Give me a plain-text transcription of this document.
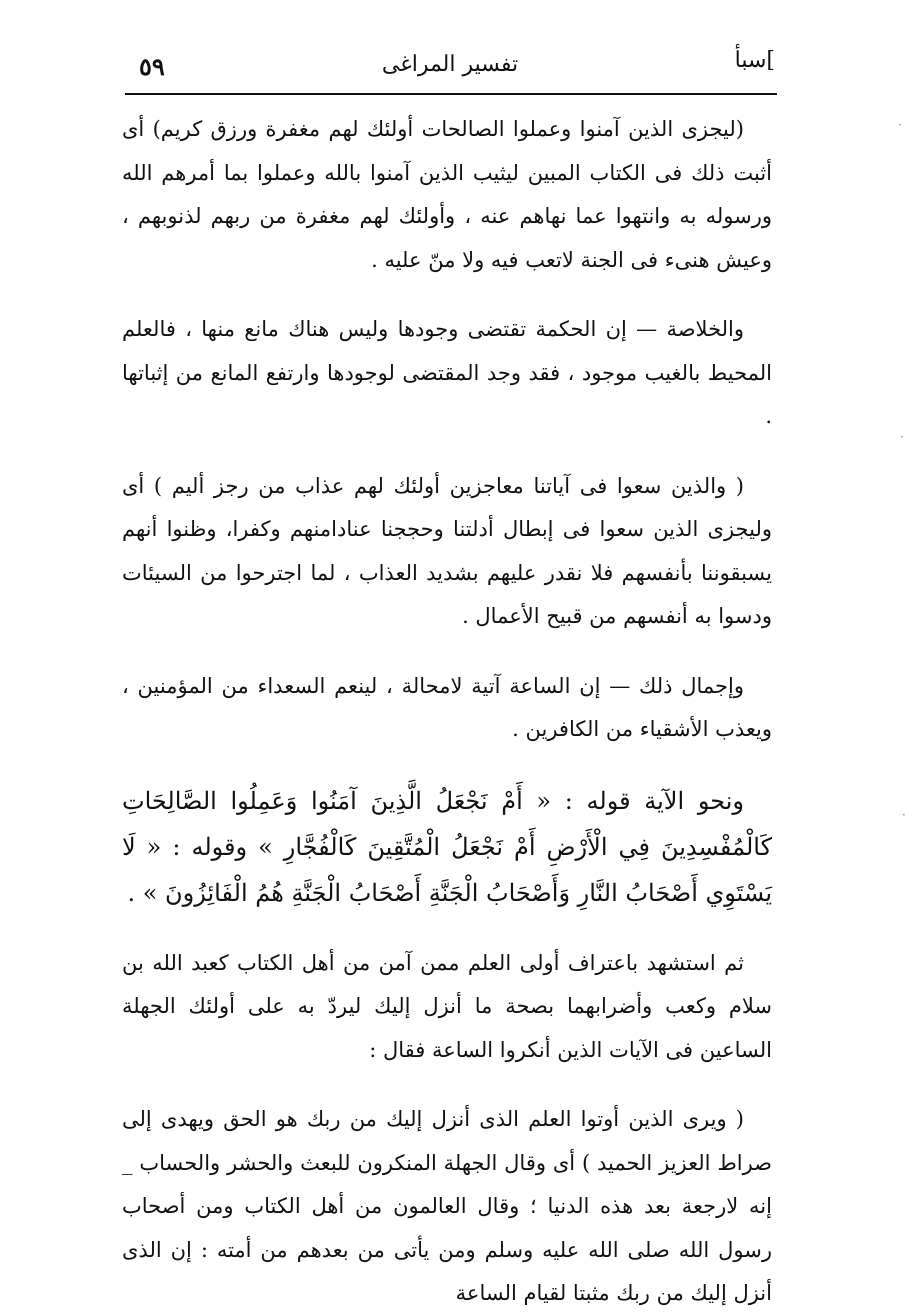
٥٩	تفسير المراغى	]سبأ

(ليجزى الذين آمنوا وعملوا الصالحات أولئك لهم مغفرة ورزق كريم) أى أثبت ذلك فى الكتاب المبين ليثيب الذين آمنوا بالله وعملوا بما أمرهم الله ورسوله به وانتهوا عما نهاهم عنه ، وأولئك لهم مغفرة من ربهم لذنوبهم ، وعيش هنىء فى الجنة لاتعب فيه ولا منّ عليه .

والخلاصة — إن الحكمة تقتضى وجودها وليس هناك مانع منها ، فالعلم المحيط بالغيب موجود ، فقد وجد المقتضى لوجودها وارتفع المانع من إثباتها .

( والذين سعوا فى آياتنا معاجزين أولئك لهم عذاب من رجز أليم ) أى وليجزى الذين سعوا فى إبطال أدلتنا وحججنا عنادامنهم وكفرا، وظنوا أنهم يسبقوننا بأنفسهم فلا نقدر عليهم بشديد العذاب ، لما اجترحوا من السيئات ودسوا به أنفسهم من قبيح الأعمال .

وإجمال ذلك — إن الساعة آتية لامحالة ، لينعم السعداء من المؤمنين ، ويعذب الأشقياء من الكافرين .

ونحو الآية قوله : « أَمْ نَجْعَلُ الَّذِينَ آمَنُوا وَعَمِلُوا الصَّالِحَاتِ كَالْمُفْسِدِينَ فِي الْأَرْضِ أَمْ نَجْعَلُ الْمُتَّقِينَ كَالْفُجَّارِ » وقوله : « لَا يَسْتَوِي أَصْحَابُ النَّارِ وَأَصْحَابُ الْجَنَّةِ أَصْحَابُ الْجَنَّةِ هُمُ الْفَائِزُونَ » .

ثم استشهد باعتراف أولى العلم ممن آمن من أهل الكتاب كعبد الله بن سلام وكعب وأضرابهما بصحة ما أنزل إليك ليردّ به على أولئك الجهلة الساعين فى الآيات الذين أنكروا الساعة فقال :

( ويرى الذين أوتوا العلم الذى أنزل إليك من ربك هو الحق ويهدى إلى صراط العزيز الحميد ) أى وقال الجهلة المنكرون للبعث والحشر والحساب _ إنه لارجعة بعد هذه الدنيا ؛ وقال العالمون من أهل الكتاب ومن أصحاب رسول الله صلى الله عليه وسلم ومن يأتى من بعدهم من أمته : إن الذى أنزل إليك من ربك مثبتا لقيام الساعة

·
·
·
